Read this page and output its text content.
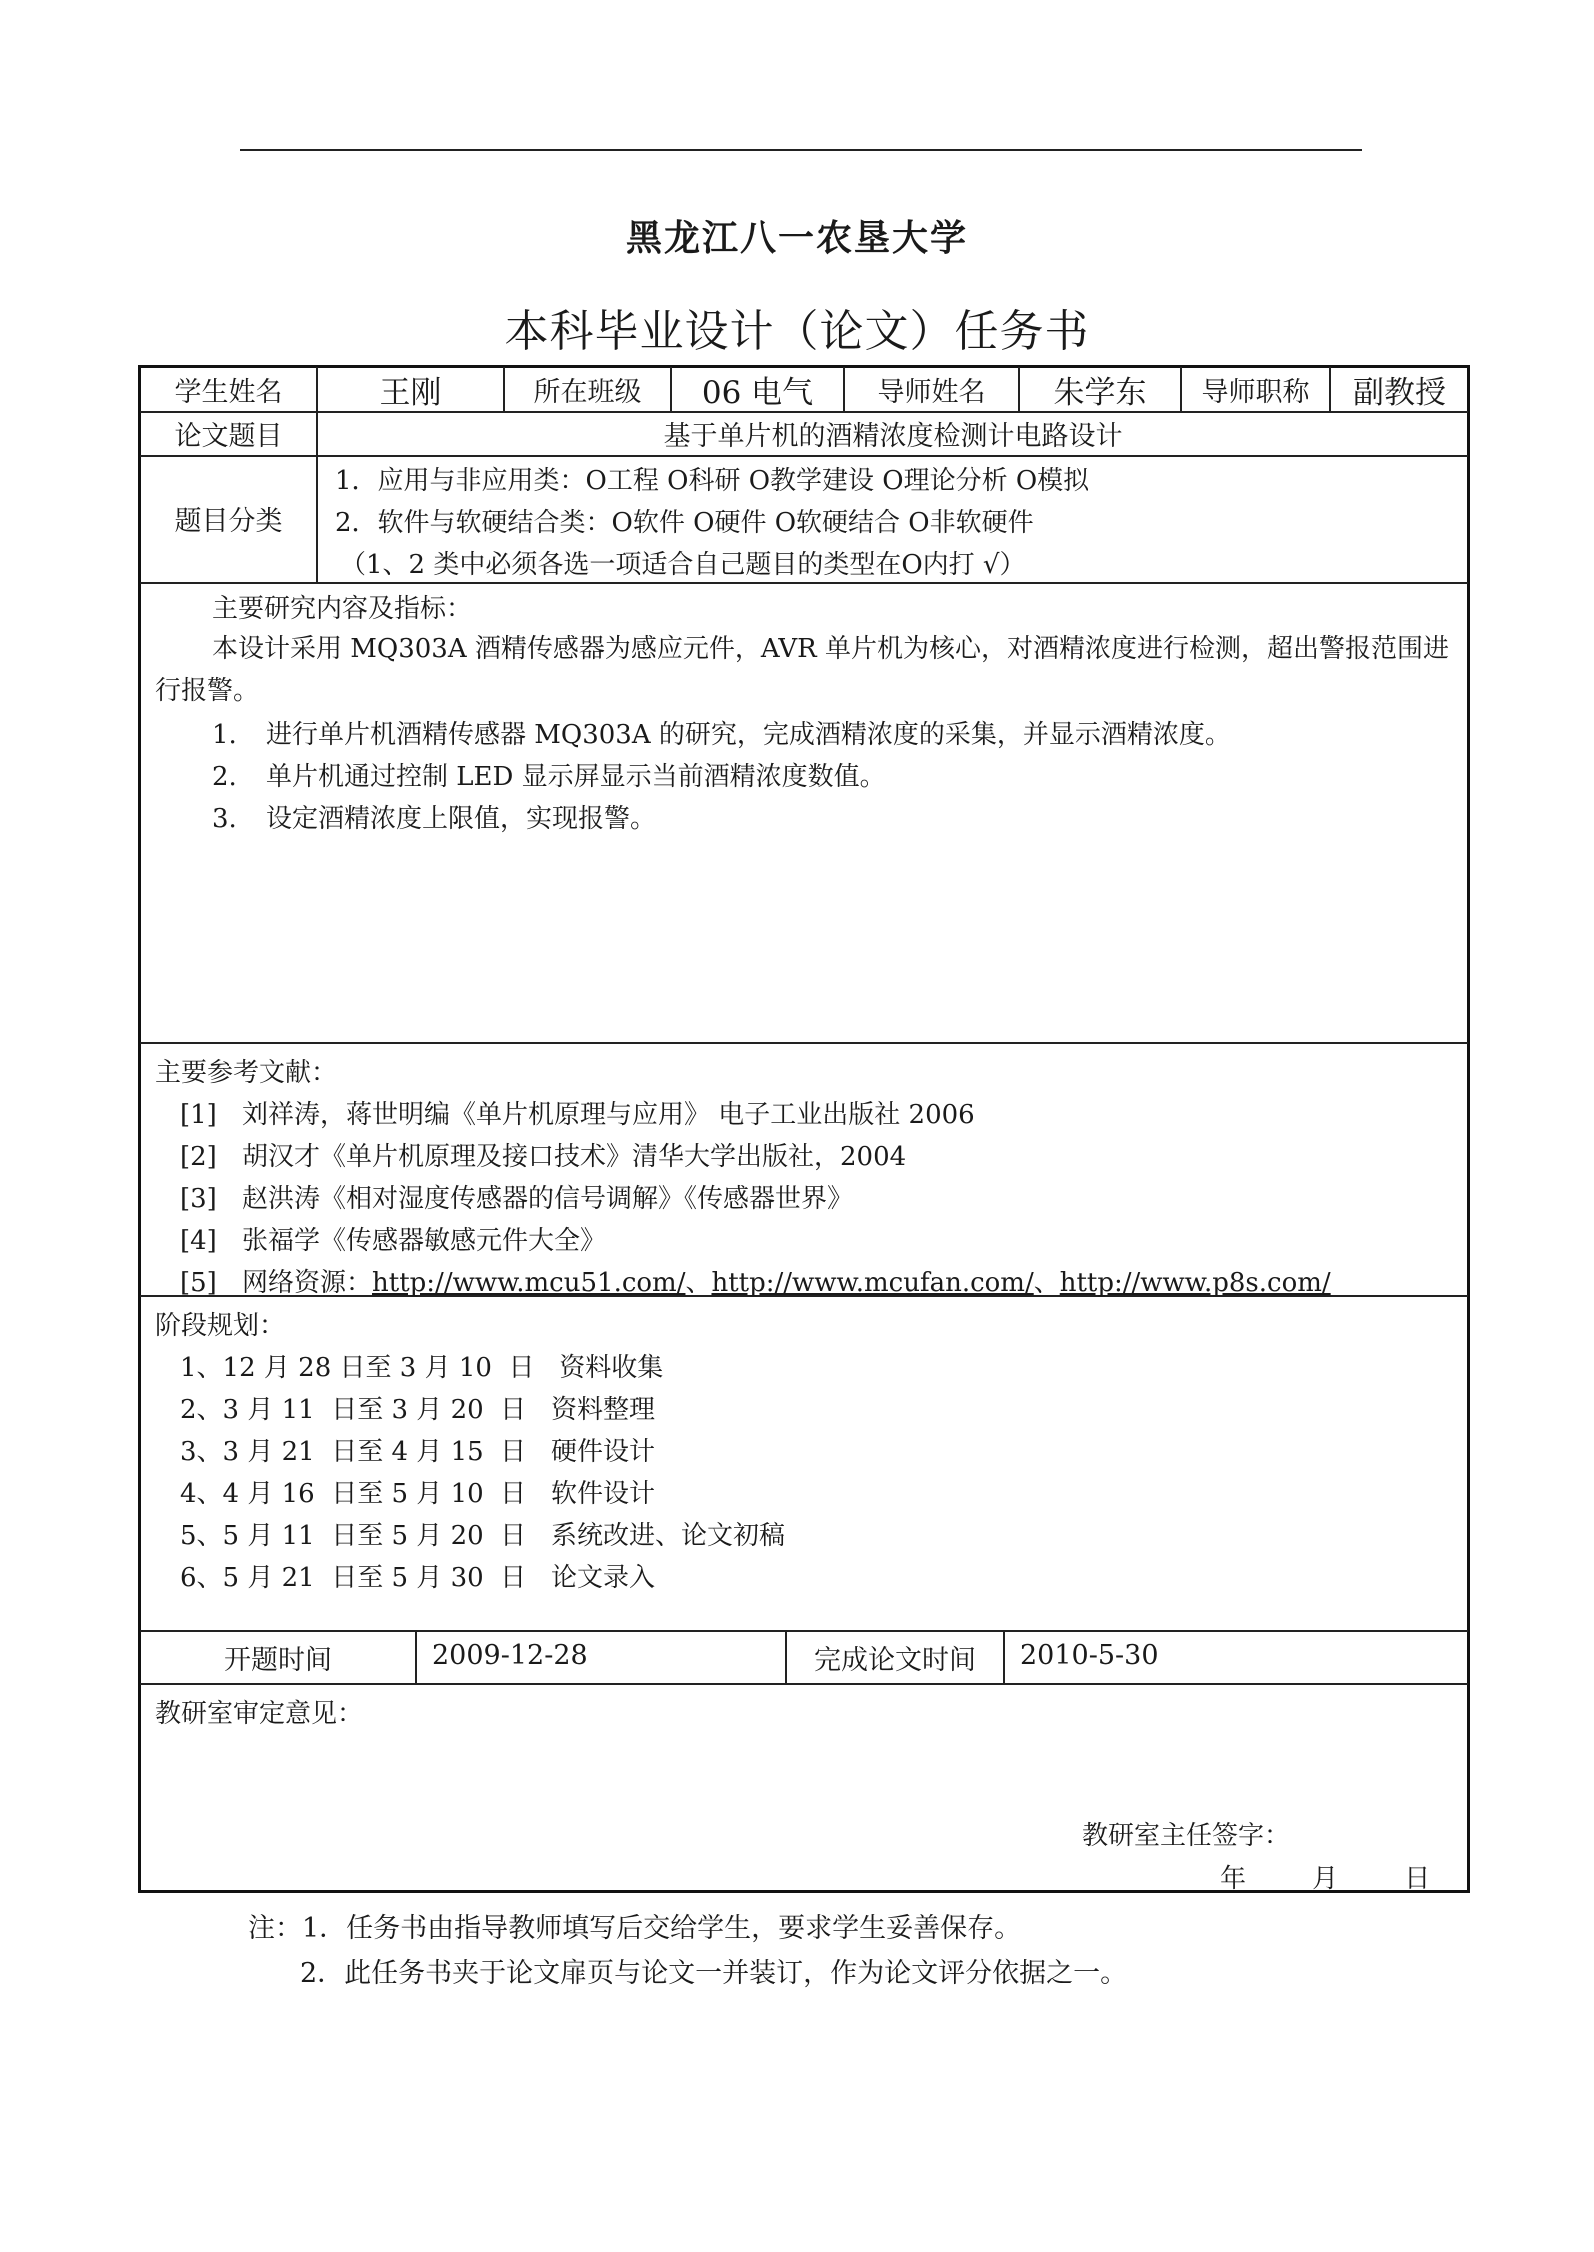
黑龙江八一农垦大学
本科毕业设计（论文）任务书
学生姓名	王刚	所在班级	06 电气	导师姓名	朱学东	导师职称	副教授
论文题目	基于单片机的酒精浓度检测计电路设计
题目分类
1．应用与非应用类：O工程 O科研 O教学建设 O理论分析 O模拟
2．软件与软硬结合类：O软件 O硬件 O软硬结合 O非软硬件
（1、2 类中必须各选一项适合自己题目的类型在O内打 √）
主要研究内容及指标：
本设计采用 MQ303A 酒精传感器为感应元件，AVR 单片机为核心，对酒精浓度进行检测，超出警报范围进行报警。
1. 进行单片机酒精传感器 MQ303A 的研究，完成酒精浓度的采集，并显示酒精浓度。
2. 单片机通过控制 LED 显示屏显示当前酒精浓度数值。
3. 设定酒精浓度上限值，实现报警。
主要参考文献：
[1] 刘祥涛，蒋世明编《单片机原理与应用》 电子工业出版社 2006
[2] 胡汉才《单片机原理及接口技术》清华大学出版社，2004
[3] 赵洪涛《相对湿度传感器的信号调解》《传感器世界》
[4] 张福学《传感器敏感元件大全》
[5] 网络资源：http://www.mcu51.com/、http://www.mcufan.com/、http://www.p8s.com/
阶段规划：
1、12 月 28 日至 3 月 10  日   资料收集
2、3 月 11  日至 3 月 20  日   资料整理
3、3 月 21  日至 4 月 15  日   硬件设计
4、4 月 16  日至 5 月 10  日   软件设计
5、5 月 11  日至 5 月 20  日   系统改进、论文初稿
6、5 月 21  日至 5 月 30  日   论文录入
开题时间	2009-12-28	完成论文时间	2010-5-30
教研室审定意见：
教研室主任签字：
年        月        日
注：1．任务书由指导教师填写后交给学生，要求学生妥善保存。
2．此任务书夹于论文扉页与论文一并装订，作为论文评分依据之一。
